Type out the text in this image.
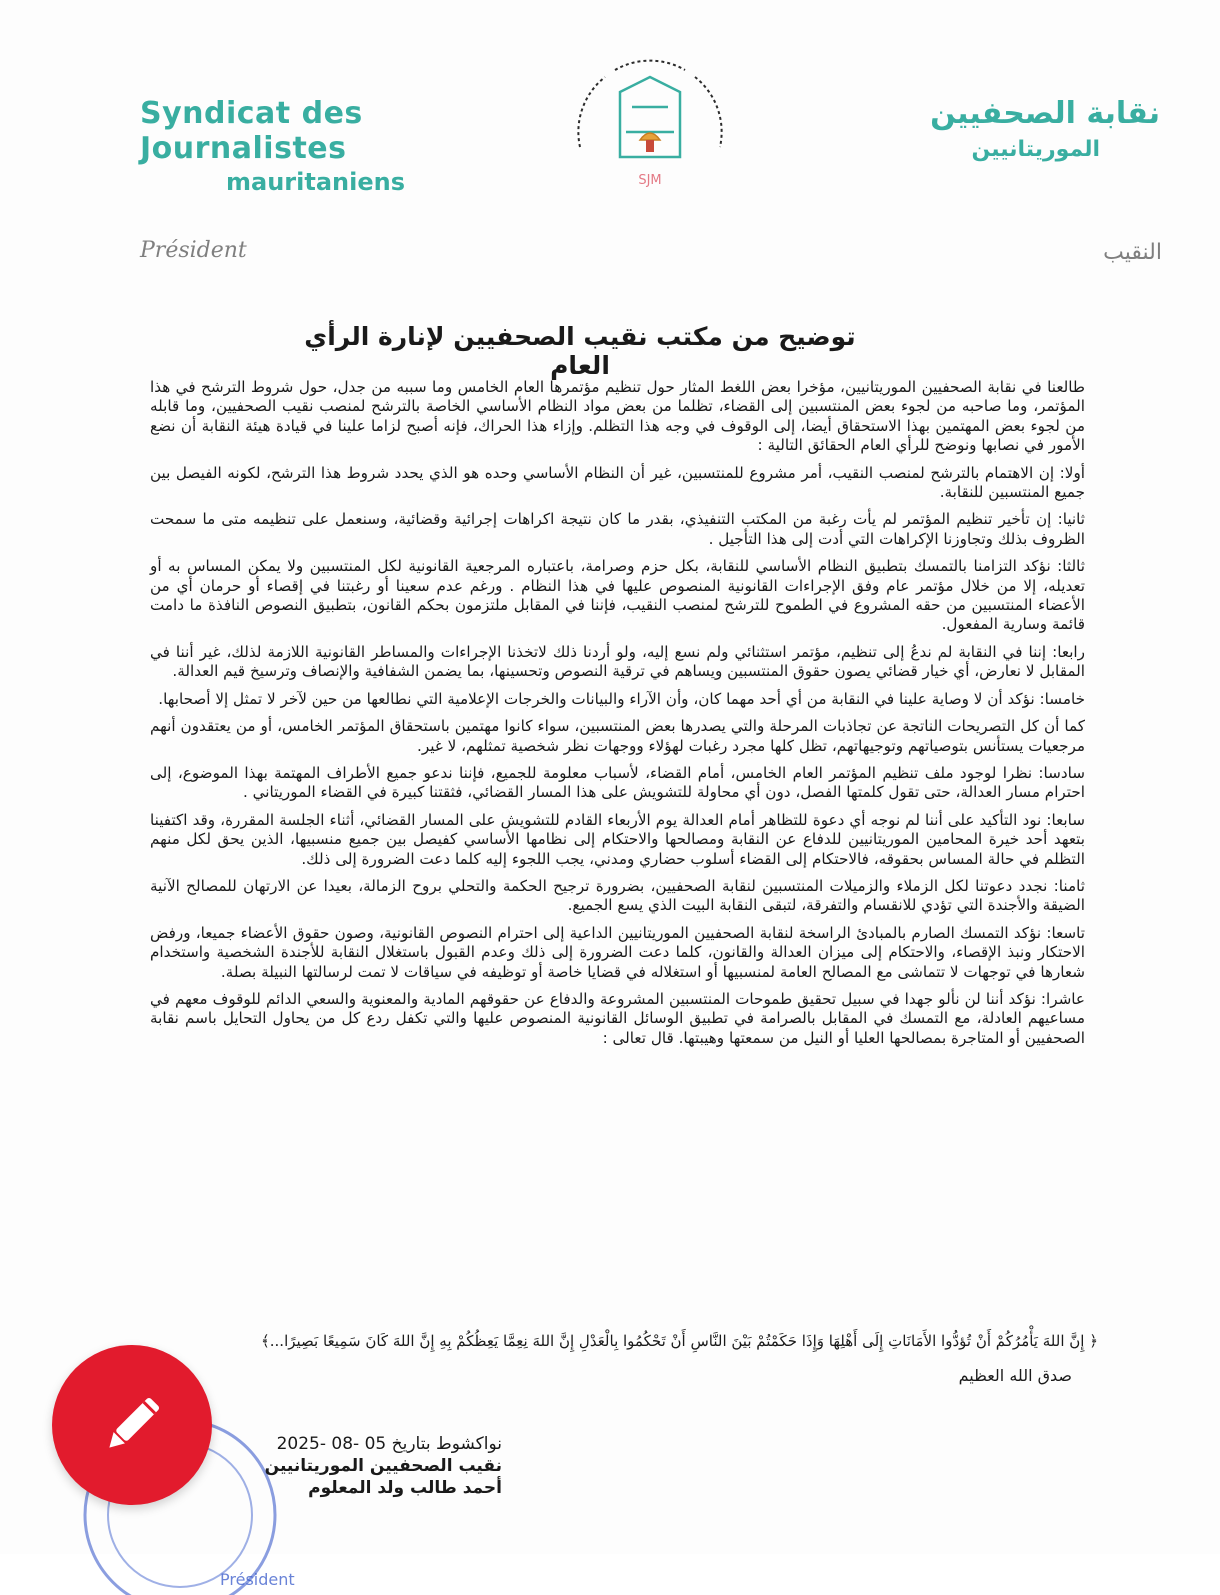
Syndicat des Journalistes
mauritaniens	SJM
نقابة الصحفيين
الموريتانيين
Président	النقيب
توضيح من مكتب نقيب الصحفيين لإنارة الرأي العام

طالعنا في نقابة الصحفيين الموريتانيين، مؤخرا بعض اللغط المثار حول تنظيم مؤتمرها العام الخامس وما سببه من جدل، حول شروط الترشح في هذا المؤتمر، وما صاحبه من لجوء بعض المنتسبين إلى القضاء، تظلما من بعض مواد النظام الأساسي الخاصة بالترشح لمنصب نقيب الصحفيين، وما قابله من لجوء بعض المهتمين بهذا الاستحقاق أيضا، إلى الوقوف في وجه هذا التظلم. وإزاء هذا الحراك، فإنه أصبح لزاما علينا في قيادة هيئة النقابة أن نضع الأمور في نصابها ونوضح للرأي العام الحقائق التالية :

أولا: إن الاهتمام بالترشح لمنصب النقيب، أمر مشروع للمنتسبين، غير أن النظام الأساسي وحده هو الذي يحدد شروط هذا الترشح، لكونه الفيصل بين جميع المنتسبين للنقابة.

ثانيا: إن تأخير تنظيم المؤتمر لم يأت رغبة من المكتب التنفيذي، بقدر ما كان نتيجة اكراهات إجرائية وقضائية، وسنعمل على تنظيمه متى ما سمحت الظروف بذلك وتجاوزنا الإكراهات التي أدت إلى هذا التأجيل .

ثالثا: نؤكد التزامنا بالتمسك بتطبيق النظام الأساسي للنقابة، بكل حزم وصرامة، باعتباره المرجعية القانونية لكل المنتسبين ولا يمكن المساس به أو تعديله، إلا من خلال مؤتمر عام وفق الإجراءات القانونية المنصوص عليها في هذا النظام . ورغم عدم سعينا أو رغبتنا في إقصاء أو حرمان أي من الأعضاء المنتسبين من حقه المشروع في الطموح للترشح لمنصب النقيب، فإننا في المقابل ملتزمون بحكم القانون، بتطبيق النصوص النافذة ما دامت قائمة وسارية المفعول.

رابعا: إننا في النقابة لم ندعُ إلى تنظيم، مؤتمر استثنائي ولم نسع إليه، ولو أردنا ذلك لاتخذنا الإجراءات والمساطر القانونية اللازمة لذلك، غير أننا في المقابل لا نعارض، أي خيار قضائي يصون حقوق المنتسبين ويساهم في ترقية النصوص وتحسينها، بما يضمن الشفافية والإنصاف وترسيخ قيم العدالة.

خامسا: نؤكد أن لا وصاية علينا في النقابة من أي أحد مهما كان، وأن الآراء والبيانات والخرجات الإعلامية التي نطالعها من حين لآخر لا تمثل إلا أصحابها.

كما أن كل التصريحات الناتجة عن تجاذبات المرحلة والتي يصدرها بعض المنتسبين، سواء كانوا مهتمين باستحقاق المؤتمر الخامس، أو من يعتقدون أنهم مرجعيات يستأنس بتوصياتهم وتوجيهاتهم، تظل كلها مجرد رغبات لهؤلاء ووجهات نظر شخصية تمثلهم، لا غير.

سادسا: نظرا لوجود ملف تنظيم المؤتمر العام الخامس، أمام القضاء، لأسباب معلومة للجميع، فإننا ندعو جميع الأطراف المهتمة بهذا الموضوع، إلى احترام مسار العدالة، حتى تقول كلمتها الفصل، دون أي محاولة للتشويش على هذا المسار القضائي، فثقتنا كبيرة في القضاء الموريتاني .

سابعا: نود التأكيد على أننا لم نوجه أي دعوة للتظاهر أمام العدالة يوم الأربعاء القادم للتشويش على المسار القضائي، أثناء الجلسة المقررة، وقد اكتفينا بتعهد أحد خيرة المحامين الموريتانيين للدفاع عن النقابة ومصالحها والاحتكام إلى نظامها الأساسي كفيصل بين جميع منسبيها، الذين يحق لكل منهم التظلم في حالة المساس بحقوقه، فالاحتكام إلى القضاء أسلوب حضاري ومدني، يجب اللجوء إليه كلما دعت الضرورة إلى ذلك.

ثامنا: نجدد دعوتنا لكل الزملاء والزميلات المنتسبين لنقابة الصحفيين، بضرورة ترجيح الحكمة والتحلي بروح الزمالة، بعيدا عن الارتهان للمصالح الآنية الضيقة والأجندة التي تؤدي للانقسام والتفرقة، لتبقى النقابة البيت الذي يسع الجميع.

تاسعا: نؤكد التمسك الصارم بالمبادئ الراسخة لنقابة الصحفيين الموريتانيين الداعية إلى احترام النصوص القانونية، وصون حقوق الأعضاء جميعا، ورفض الاحتكار ونبذ الإقصاء، والاحتكام إلى ميزان العدالة والقانون، كلما دعت الضرورة إلى ذلك وعدم القبول باستغلال النقابة للأجندة الشخصية واستخدام شعارها في توجهات لا تتماشى مع المصالح العامة لمنسبيها أو استغلاله في قضايا خاصة أو توظيفه في سياقات لا تمت لرسالتها النبيلة بصلة.

عاشرا: نؤكد أننا لن نألو جهدا في سبيل تحقيق طموحات المنتسبين المشروعة والدفاع عن حقوقهم المادية والمعنوية والسعي الدائم للوقوف معهم في مساعيهم العادلة، مع التمسك في المقابل بالصرامة في تطبيق الوسائل القانونية المنصوص عليها والتي تكفل ردع كل من يحاول التحايل باسم نقابة الصحفيين أو المتاجرة بمصالحها العليا أو النيل من سمعتها وهيبتها. قال تعالى :

﴿ إِنَّ اللهَ يَأْمُرُكُمْ أَنْ تُؤدُّوا الأَمَانَاتِ إِلَى أَهْلِهَا وَإِذَا حَكَمْتُمْ بَيْنَ النَّاسِ أَنْ تَحْكُمُوا بِالْعَدْلِ إِنَّ اللهَ نِعِمَّا يَعِظُكُمْ بِهِ إِنَّ اللهَ كَانَ سَمِيعًا بَصِيرًا...﴾
صدق الله العظيم
Président
نواكشوط بتاريخ 05 -08 -2025
نقيب الصحفيين الموريتانيين
أحمد طالب ولد المعلوم
